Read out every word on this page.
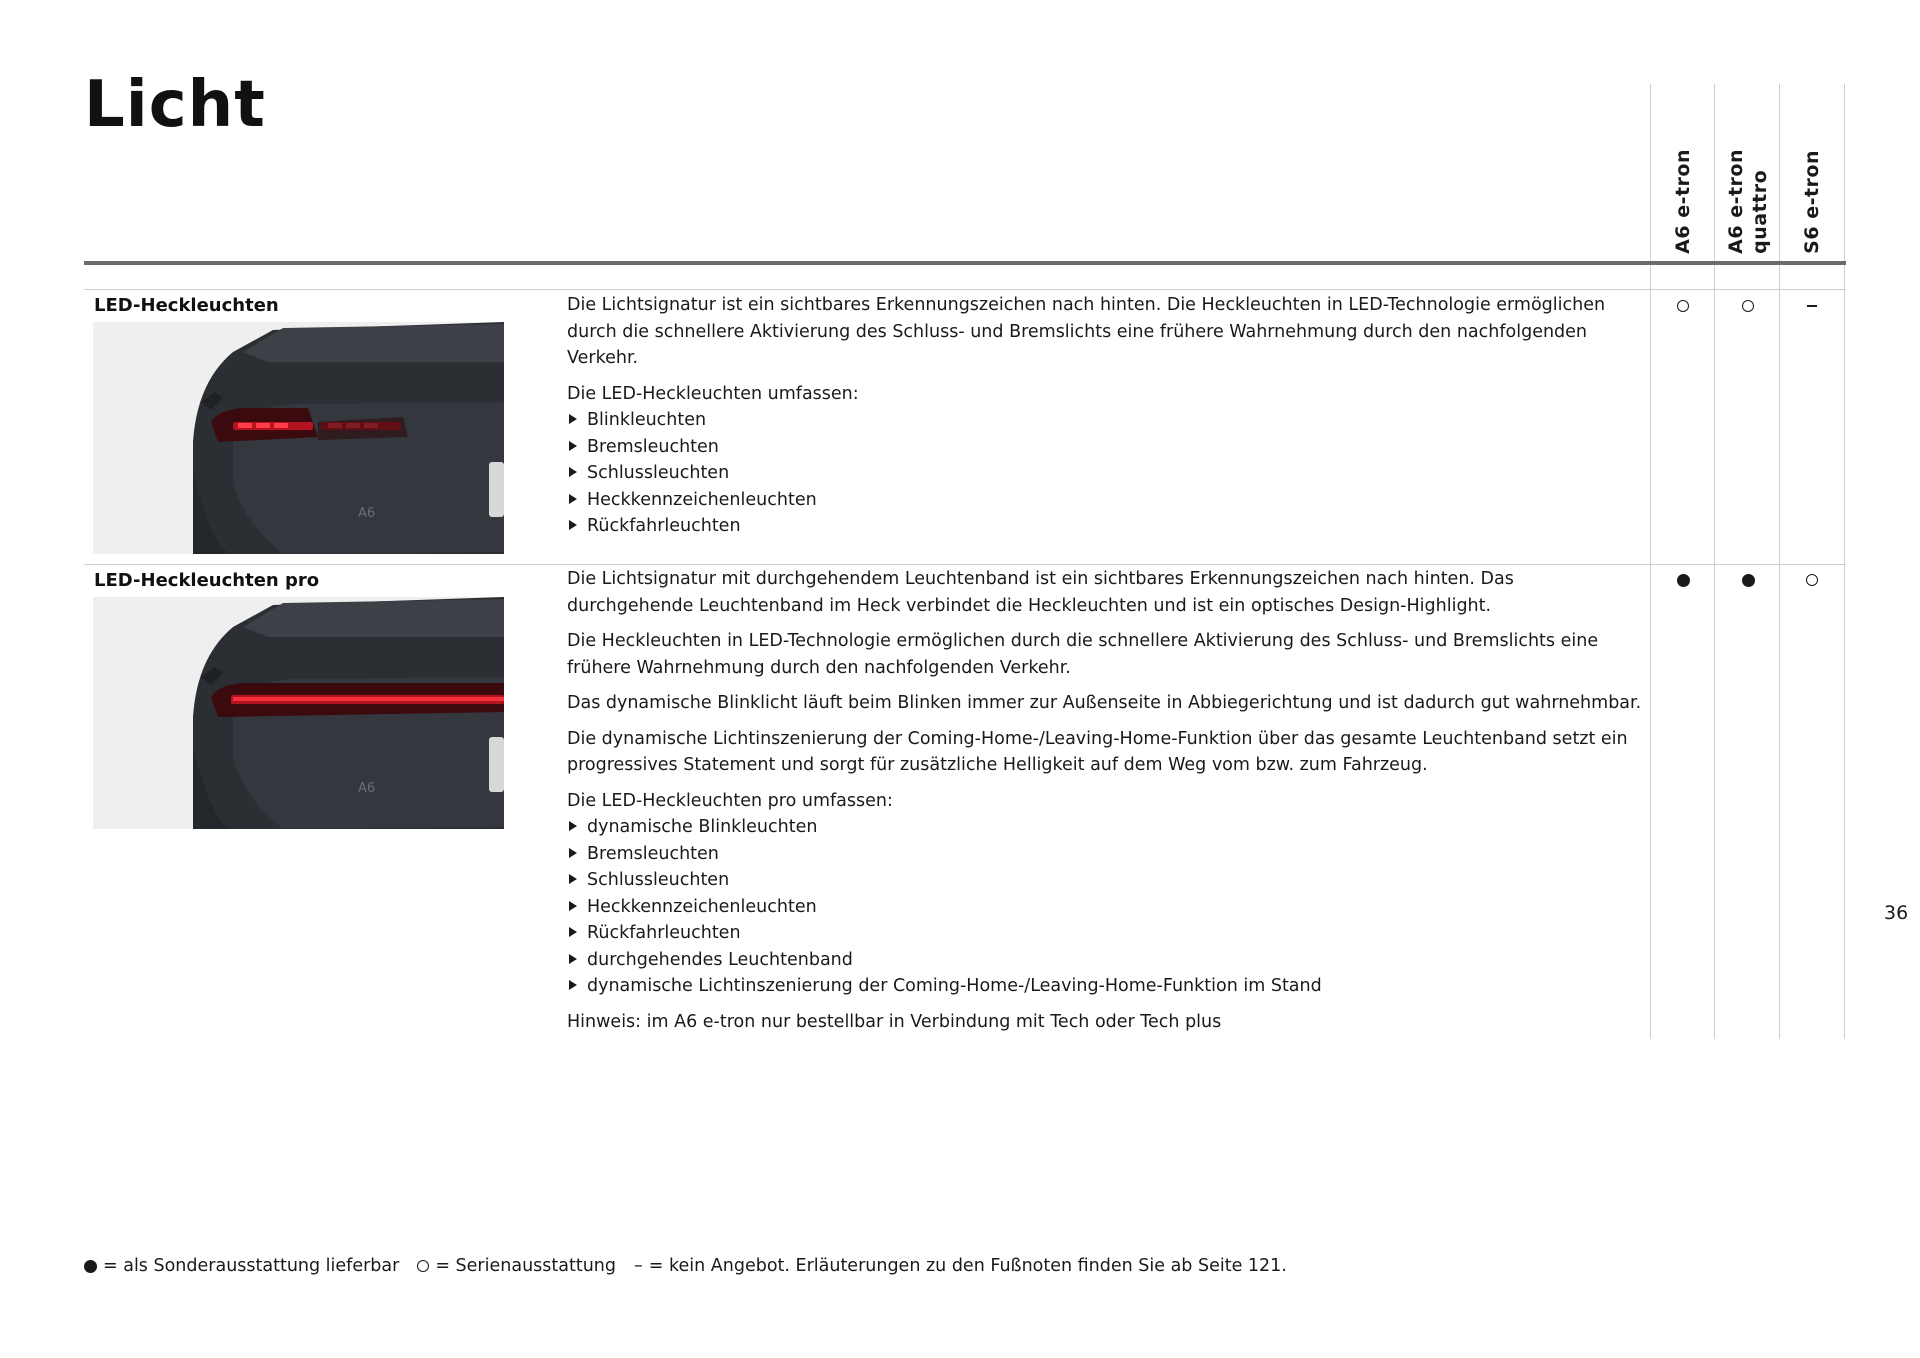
Licht
A6 e-tron A6 e-tron
quattro S6 e-tron
LED-Heckleuchten
A6

Die Lichtsignatur ist ein sichtbares Erkennungszeichen nach hinten. Die Heckleuchten in LED-Technologie ermöglichen durch die schnellere Aktivierung des Schluss- und Bremslichts eine frühere Wahrnehmung durch den nachfolgenden Verkehr.

Die LED-Heckleuchten umfassen:

Blinkleuchten
Bremsleuchten
Schlussleuchten
Heckkennzeichenleuchten
Rückfahrleuchten
LED-Heckleuchten pro
A6

Die Lichtsignatur mit durchgehendem Leuchtenband ist ein sichtbares Erkennungszeichen nach hinten. Das durchgehende Leuchtenband im Heck verbindet die Heckleuchten und ist ein optisches Design-Highlight.

Die Heckleuchten in LED-Technologie ermöglichen durch die schnellere Aktivierung des Schluss- und Bremslichts eine frühere Wahrnehmung durch den nachfolgenden Verkehr.

Das dynamische Blinklicht läuft beim Blinken immer zur Außenseite in Abbiegerichtung und ist dadurch gut wahrnehmbar.

Die dynamische Lichtinszenierung der Coming-Home-/Leaving-Home-Funktion über das gesamte Leuchtenband setzt ein progressives Statement und sorgt für zusätzliche Helligkeit auf dem Weg vom bzw. zum Fahrzeug.

Die LED-Heckleuchten pro umfassen:

dynamische Blinkleuchten
Bremsleuchten
Schlussleuchten
Heckkennzeichenleuchten
Rückfahrleuchten
durchgehendes Leuchtenband
dynamische Lichtinszenierung der Coming-Home-/Leaving-Home-Funktion im Stand

Hinweis: im A6 e-tron nur bestellbar in Verbindung mit Tech oder Tech plus

36
= als Sonderausstattung lieferbar = Serienausstattung – = kein Angebot. Erläuterungen zu den Fußnoten finden Sie ab Seite 121.
